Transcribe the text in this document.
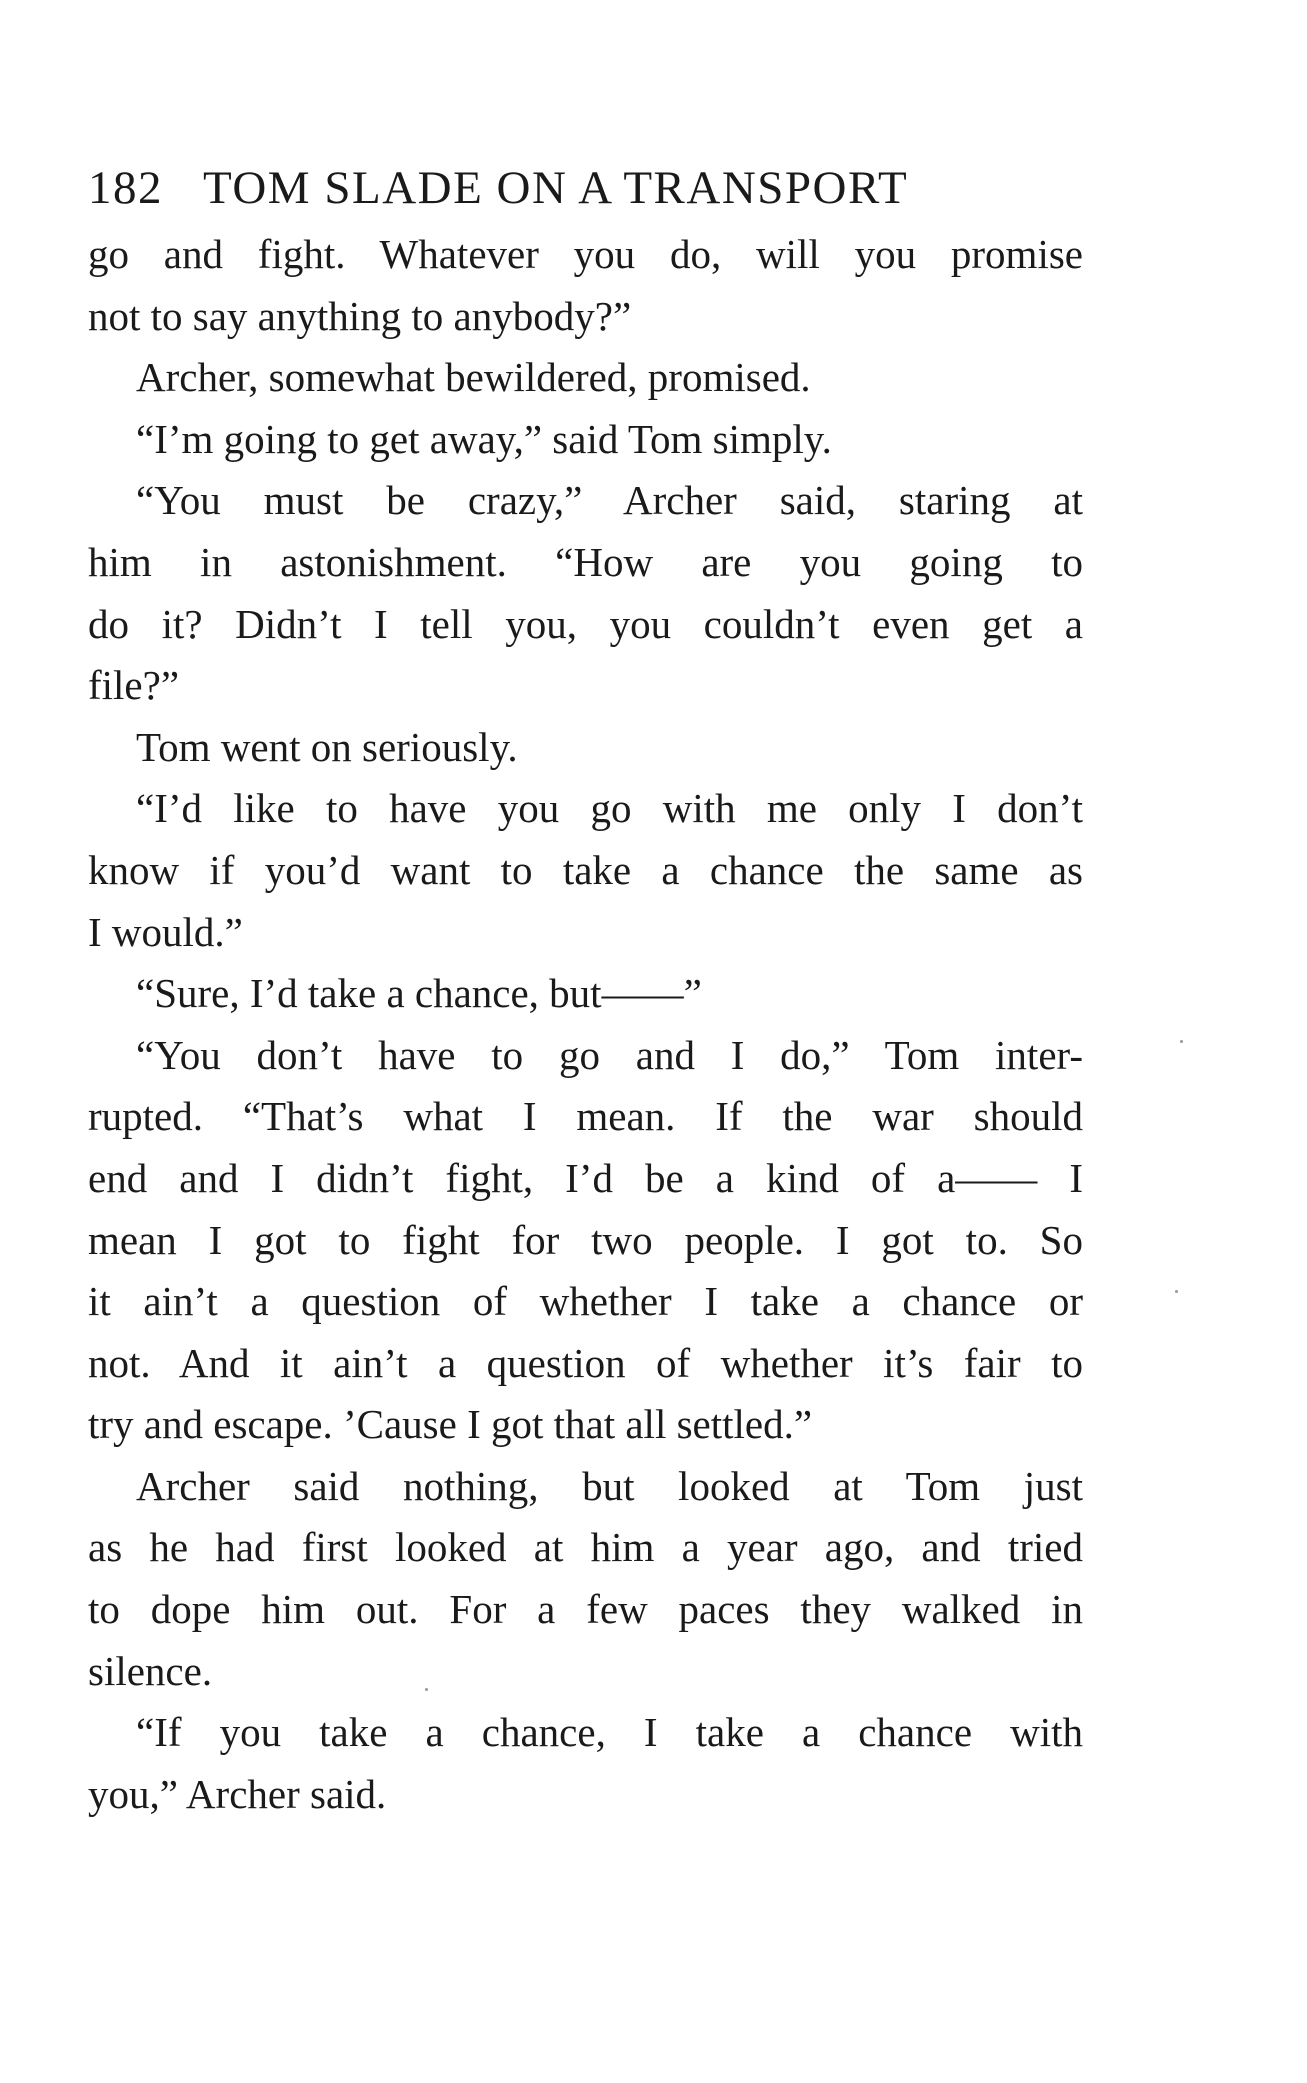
182 TOM SLADE ON A TRANSPORT
go and fight. Whatever you do, will you promise
not to say anything to anybody?”
Archer, somewhat bewildered, promised.
“I’m going to get away,” said Tom simply.
“You must be crazy,” Archer said, staring at
him in astonishment. “How are you going to
do it? Didn’t I tell you, you couldn’t even get a
file?”
Tom went on seriously.
“I’d like to have you go with me only I don’t
know if you’d want to take a chance the same as
I would.”
“Sure, I’d take a chance, but——”
“You don’t have to go and I do,” Tom inter-
rupted. “That’s what I mean. If the war should
end and I didn’t fight, I’d be a kind of a—— I
mean I got to fight for two people. I got to. So
it ain’t a question of whether I take a chance or
not. And it ain’t a question of whether it’s fair to
try and escape. ’Cause I got that all settled.”
Archer said nothing, but looked at Tom just
as he had first looked at him a year ago, and tried
to dope him out. For a few paces they walked in
silence.
“If you take a chance, I take a chance with
you,” Archer said.
